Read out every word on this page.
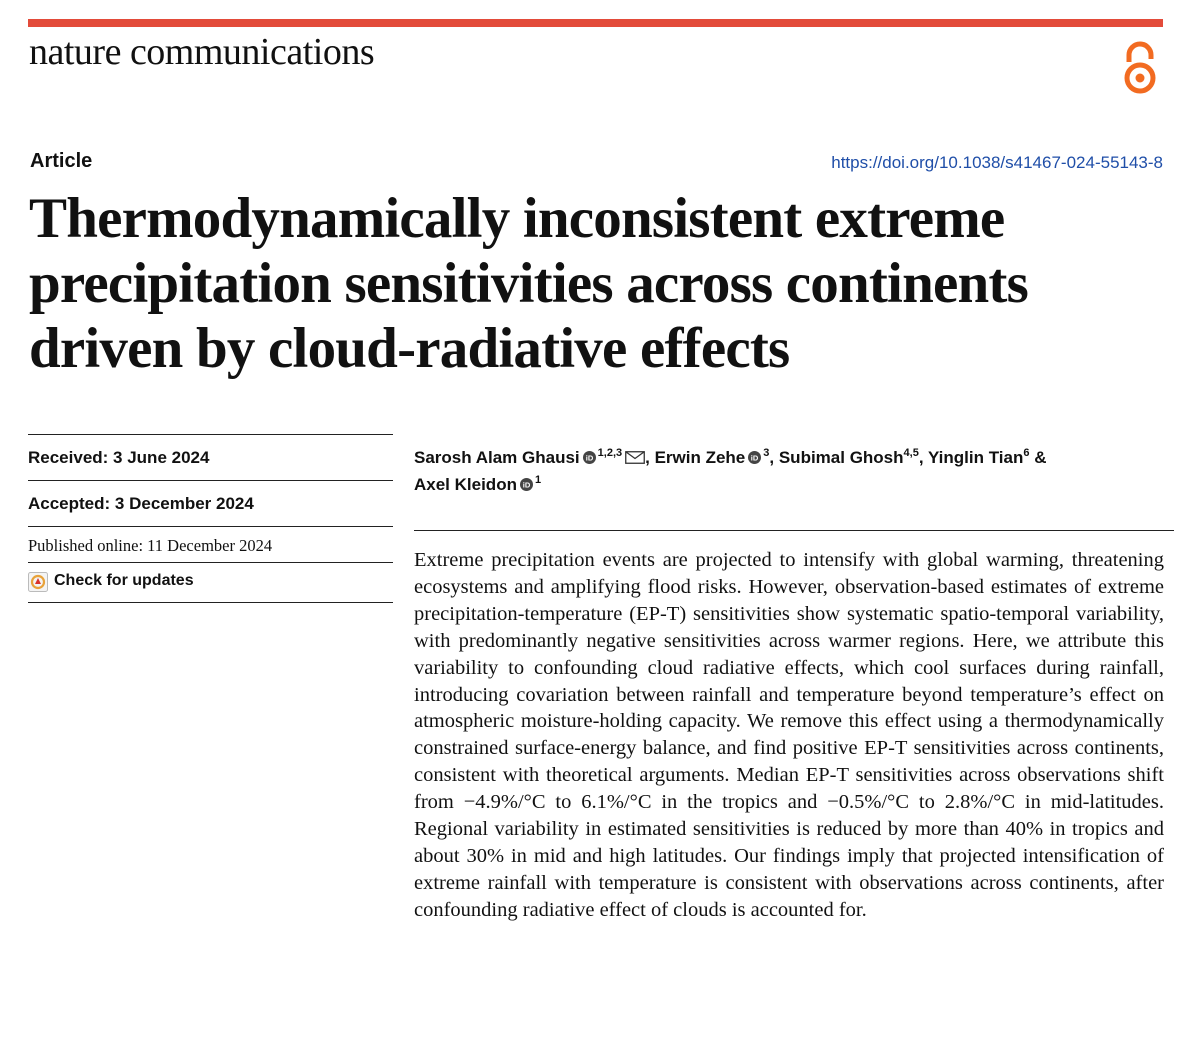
nature communications
Article	https://doi.org/10.1038/s41467-024-55143-8
Thermodynamically inconsistent extreme precipitation sensitivities across continents driven by cloud-radiative effects
Received: 3 June 2024
Accepted: 3 December 2024
Published online: 11 December 2024
Check for updates
Sarosh Alam Ghausi iD $^{1,2,3}$ , Erwin Zehe iD $^3$, Subimal Ghosh$^{4,5}$, Yinglin Tian$^6$ &
Axel Kleidon iD $^1$

Extreme precipitation events are projected to intensify with global warming, threatening ecosystems and amplifying flood risks. However, observation-based estimates of extreme precipitation-temperature (EP-T) sensitivities show systematic spatio-temporal variability, with predominantly negative sensitivities across warmer regions. Here, we attribute this variability to confounding cloud radiative effects, which cool surfaces during rainfall, introducing covariation between rainfall and temperature beyond temperature’s effect on atmospheric moisture-holding capacity. We remove this effect using a thermodynamically constrained surface-energy balance, and find positive EP-T sensitivities across continents, consistent with theoretical arguments. Median EP-T sensitivities across observations shift from −4.9%/°C to 6.1%/°C in the tropics and −0.5%/°C to 2.8%/°C in mid-latitudes. Regional variability in estimated sensitivities is reduced by more than 40% in tropics and about 30% in mid and high latitudes. Our findings imply that projected intensification of extreme rainfall with temperature is consistent with observations across continents, after confounding radiative effect of clouds is accounted for.
